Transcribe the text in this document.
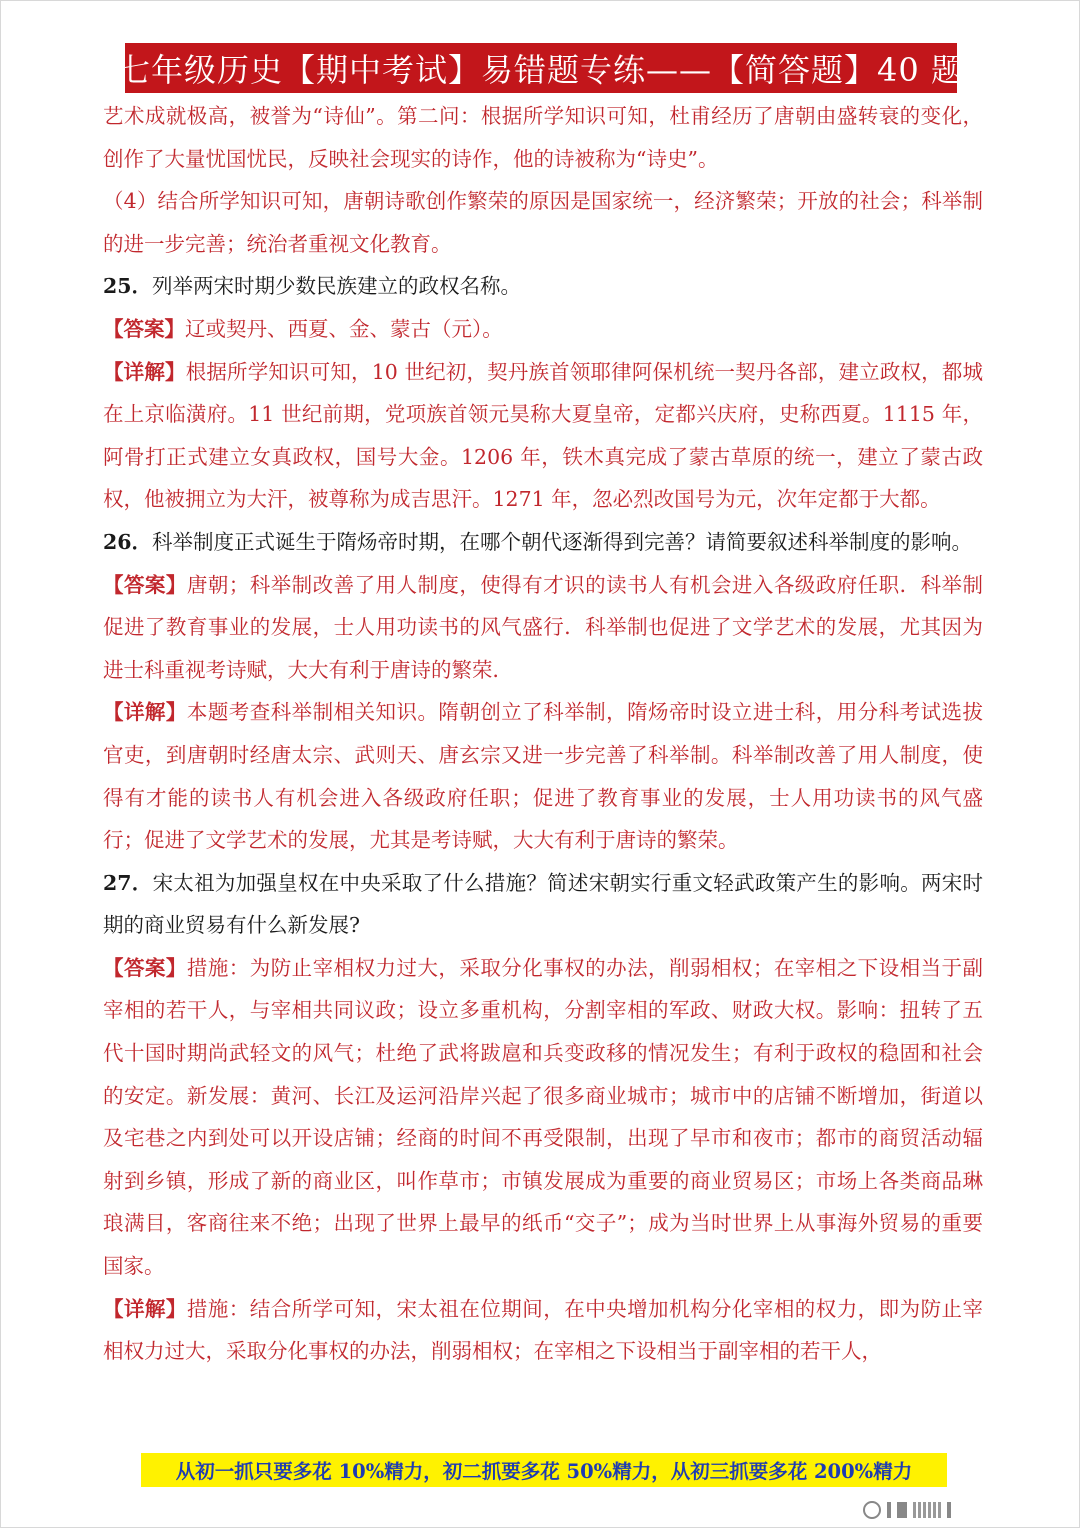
七年级历史【期中考试】易错题专练——【简答题】40 题

艺术成就极高，被誉为“诗仙”。第二问：根据所学知识可知，杜甫经历了唐朝由盛转衰的变化，创作了大量忧国忧民，反映社会现实的诗作，他的诗被称为“诗史”。

（4）结合所学知识可知，唐朝诗歌创作繁荣的原因是国家统一，经济繁荣；开放的社会；科举制的进一步完善；统治者重视文化教育。

25．列举两宋时期少数民族建立的政权名称。

【答案】辽或契丹、西夏、金、蒙古（元）。

【详解】根据所学知识可知，10 世纪初，契丹族首领耶律阿保机统一契丹各部，建立政权，都城在上京临潢府。11 世纪前期，党项族首领元昊称大夏皇帝，定都兴庆府，史称西夏。1115 年，阿骨打正式建立女真政权，国号大金。1206 年，铁木真完成了蒙古草原的统一，建立了蒙古政权，他被拥立为大汗，被尊称为成吉思汗。1271 年，忽必烈改国号为元，次年定都于大都。

26．科举制度正式诞生于隋炀帝时期，在哪个朝代逐渐得到完善？请简要叙述科举制度的影响。

【答案】唐朝；科举制改善了用人制度，使得有才识的读书人有机会进入各级政府任职．科举制促进了教育事业的发展，士人用功读书的风气盛行．科举制也促进了文学艺术的发展，尤其因为进士科重视考诗赋，大大有利于唐诗的繁荣．

【详解】本题考查科举制相关知识。隋朝创立了科举制，隋炀帝时设立进士科，用分科考试选拔官吏，到唐朝时经唐太宗、武则天、唐玄宗又进一步完善了科举制。科举制改善了用人制度，使得有才能的读书人有机会进入各级政府任职；促进了教育事业的发展，士人用功读书的风气盛行；促进了文学艺术的发展，尤其是考诗赋，大大有利于唐诗的繁荣。

27．宋太祖为加强皇权在中央采取了什么措施？简述宋朝实行重文轻武政策产生的影响。两宋时期的商业贸易有什么新发展?

【答案】措施：为防止宰相权力过大，采取分化事权的办法，削弱相权；在宰相之下设相当于副宰相的若干人，与宰相共同议政；设立多重机构，分割宰相的军政、财政大权。影响：扭转了五代十国时期尚武轻文的风气；杜绝了武将跋扈和兵变政移的情况发生；有利于政权的稳固和社会的安定。新发展：黄河、长江及运河沿岸兴起了很多商业城市；城市中的店铺不断增加，街道以及宅巷之内到处可以开设店铺；经商的时间不再受限制，出现了早市和夜市；都市的商贸活动辐射到乡镇，形成了新的商业区，叫作草市；市镇发展成为重要的商业贸易区；市场上各类商品琳琅满目，客商往来不绝；出现了世界上最早的纸币“交子”；成为当时世界上从事海外贸易的重要国家。

【详解】措施：结合所学可知，宋太祖在位期间，在中央增加机构分化宰相的权力，即为防止宰相权力过大，采取分化事权的办法，削弱相权；在宰相之下设相当于副宰相的若干人，

从初一抓只要多花 10%精力，初二抓要多花 50%精力，从初三抓要多花 200%精力
